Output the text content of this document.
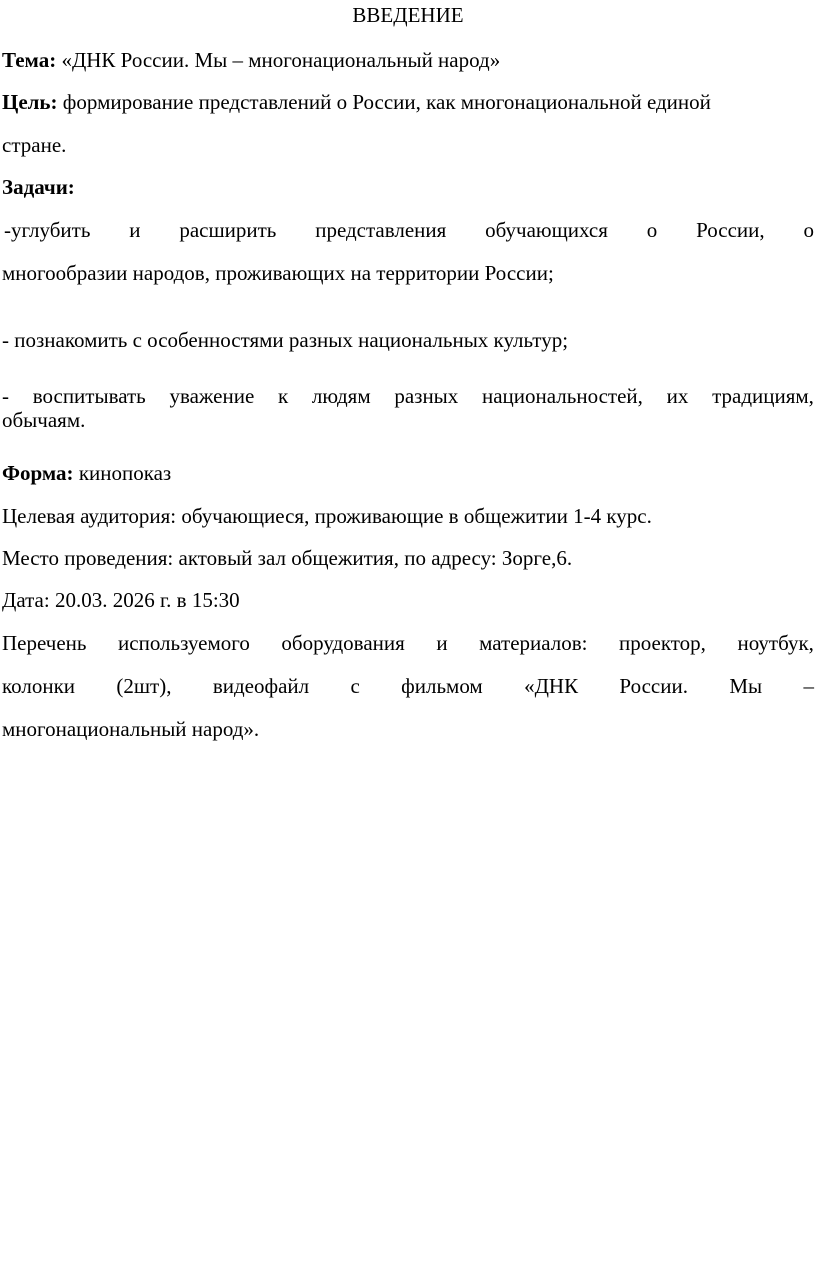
ВВЕДЕНИЕ
Тема: «ДНК России. Мы – многонациональный народ»
Цель: формирование представлений о России, как многонациональной единой
стране.
Задачи:
-углубить и расширить представления обучающихся о России, о
многообразии народов, проживающих на территории России;
- познакомить с особенностями разных национальных культур;
- воспитывать уважение к людям разных национальностей, их традициям,
обычаям.
Форма: кинопоказ
Целевая аудитория: обучающиеся, проживающие в общежитии 1-4 курс.
Место проведения: актовый зал общежития, по адресу: Зорге,6.
Дата: 20.03. 2026 г. в 15:30
Перечень используемого оборудования и материалов: проектор, ноутбук,
колонки (2шт), видеофайл с фильмом «ДНК России. Мы –
многонациональный народ».
